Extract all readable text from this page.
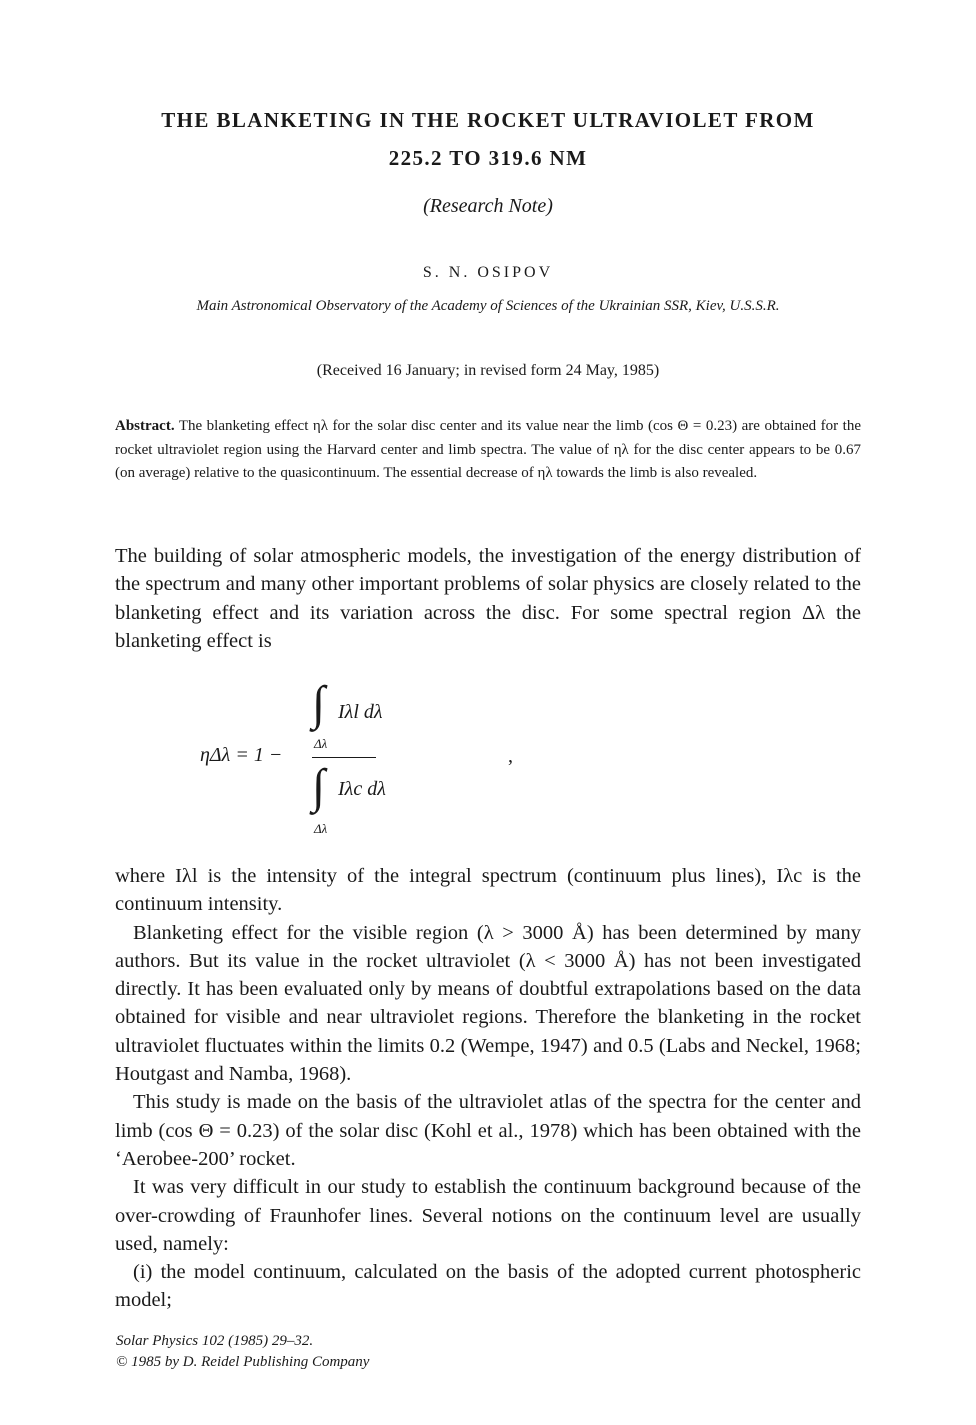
THE BLANKETING IN THE ROCKET ULTRAVIOLET FROM
225.2 TO 319.6 NM
(Research Note)
S. N. OSIPOV
Main Astronomical Observatory of the Academy of Sciences of the Ukrainian SSR, Kiev, U.S.S.R.
(Received 16 January; in revised form 24 May, 1985)
Abstract. The blanketing effect ηλ for the solar disc center and its value near the limb (cos Θ = 0.23) are obtained for the rocket ultraviolet region using the Harvard center and limb spectra. The value of ηλ for the disc center appears to be 0.67 (on average) relative to the quasicontinuum. The essential decrease of ηλ towards the limb is also revealed.

The building of solar atmospheric models, the investigation of the energy distribution of the spectrum and many other important problems of solar physics are closely related to the blanketing effect and its variation across the disc. For some spectral region Δλ the blanketing effect is

ηΔλ = 1 −
∫ Iλl dλ
Δλ
∫ Iλc dλ
Δλ
,

where Iλl is the intensity of the integral spectrum (continuum plus lines), Iλc is the continuum intensity.

Blanketing effect for the visible region (λ > 3000 Å) has been determined by many authors. But its value in the rocket ultraviolet (λ < 3000 Å) has not been investigated directly. It has been evaluated only by means of doubtful extrapolations based on the data obtained for visible and near ultraviolet regions. Therefore the blanketing in the rocket ultraviolet fluctuates within the limits 0.2 (Wempe, 1947) and 0.5 (Labs and Neckel, 1968; Houtgast and Namba, 1968).

This study is made on the basis of the ultraviolet atlas of the spectra for the center and limb (cos Θ = 0.23) of the solar disc (Kohl et al., 1978) which has been obtained with the ‘Aerobee-200’ rocket.

It was very difficult in our study to establish the continuum background because of the over-crowding of Fraunhofer lines. Several notions on the continuum level are usually used, namely:

(i) the model continuum, calculated on the basis of the adopted current photospheric model;

Solar Physics 102 (1985) 29–32.
© 1985 by D. Reidel Publishing Company
